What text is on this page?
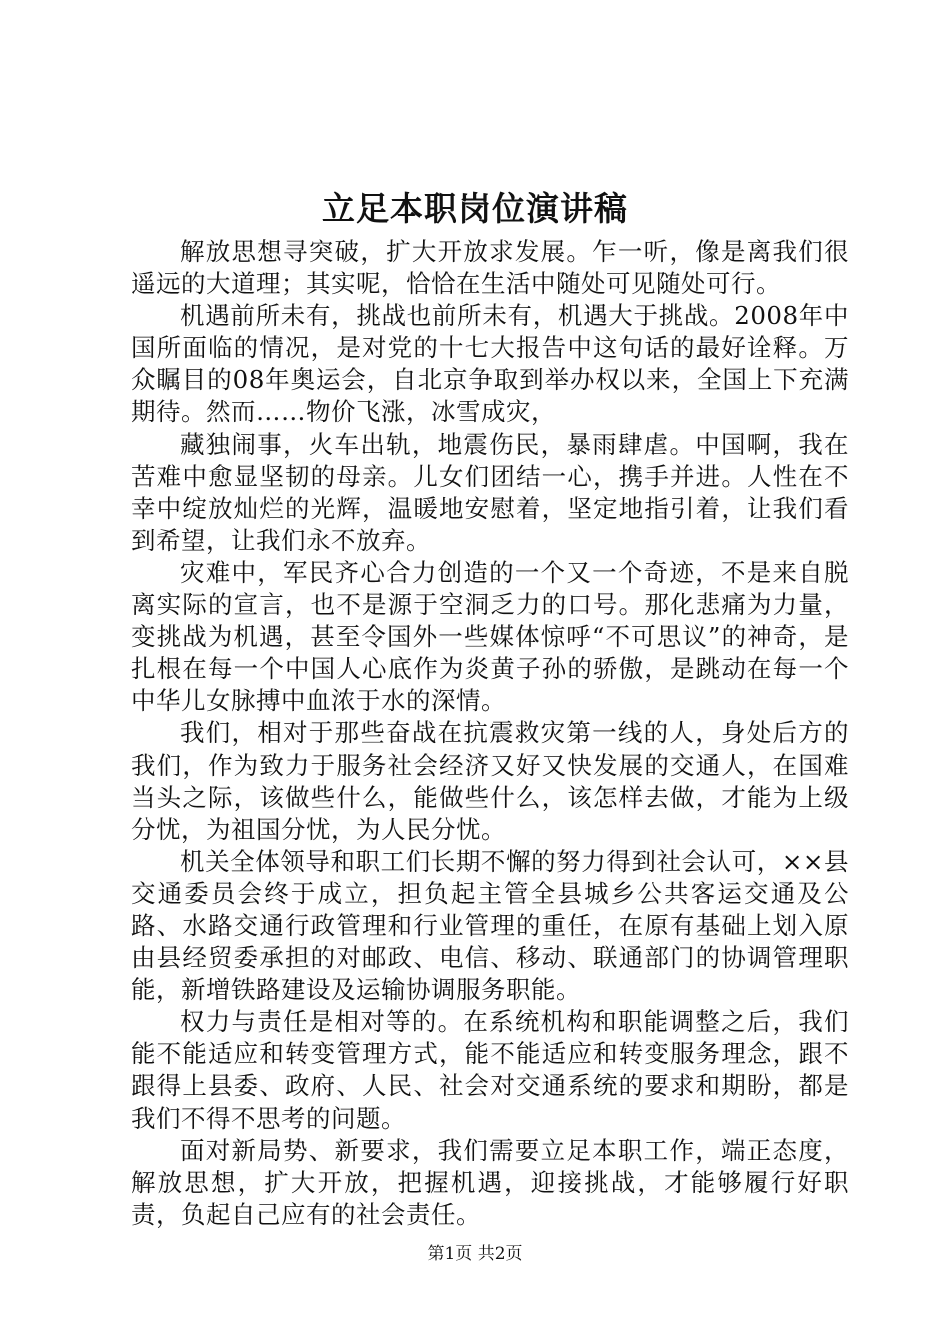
立足本职岗位演讲稿

解放思想寻突破，扩大开放求发展。乍一听，像是离我们很遥远的大道理；其实呢，恰恰在生活中随处可见随处可行。

机遇前所未有，挑战也前所未有，机遇大于挑战。2008年中国所面临的情况，是对党的十七大报告中这句话的最好诠释。万众瞩目的08年奥运会，自北京争取到举办权以来，全国上下充满期待。然而……物价飞涨，冰雪成灾，

藏独闹事，火车出轨，地震伤民，暴雨肆虐。中国啊，我在苦难中愈显坚韧的母亲。儿女们团结一心，携手并进。人性在不幸中绽放灿烂的光辉，温暖地安慰着，坚定地指引着，让我们看到希望，让我们永不放弃。

灾难中，军民齐心合力创造的一个又一个奇迹，不是来自脱离实际的宣言，也不是源于空洞乏力的口号。那化悲痛为力量，变挑战为机遇，甚至令国外一些媒体惊呼“不可思议”的神奇，是扎根在每一个中国人心底作为炎黄子孙的骄傲，是跳动在每一个中华儿女脉搏中血浓于水的深情。

我们，相对于那些奋战在抗震救灾第一线的人，身处后方的我们，作为致力于服务社会经济又好又快发展的交通人，在国难当头之际，该做些什么，能做些什么，该怎样去做，才能为上级分忧，为祖国分忧，为人民分忧。

机关全体领导和职工们长期不懈的努力得到社会认可，××县交通委员会终于成立，担负起主管全县城乡公共客运交通及公路、水路交通行政管理和行业管理的重任，在原有基础上划入原由县经贸委承担的对邮政、电信、移动、联通部门的协调管理职能，新增铁路建设及运输协调服务职能。

权力与责任是相对等的。在系统机构和职能调整之后，我们能不能适应和转变管理方式，能不能适应和转变服务理念，跟不跟得上县委、政府、人民、社会对交通系统的要求和期盼，都是我们不得不思考的问题。

面对新局势、新要求，我们需要立足本职工作，端正态度，解放思想，扩大开放，把握机遇，迎接挑战，才能够履行好职责，负起自己应有的社会责任。

第1页 共2页
